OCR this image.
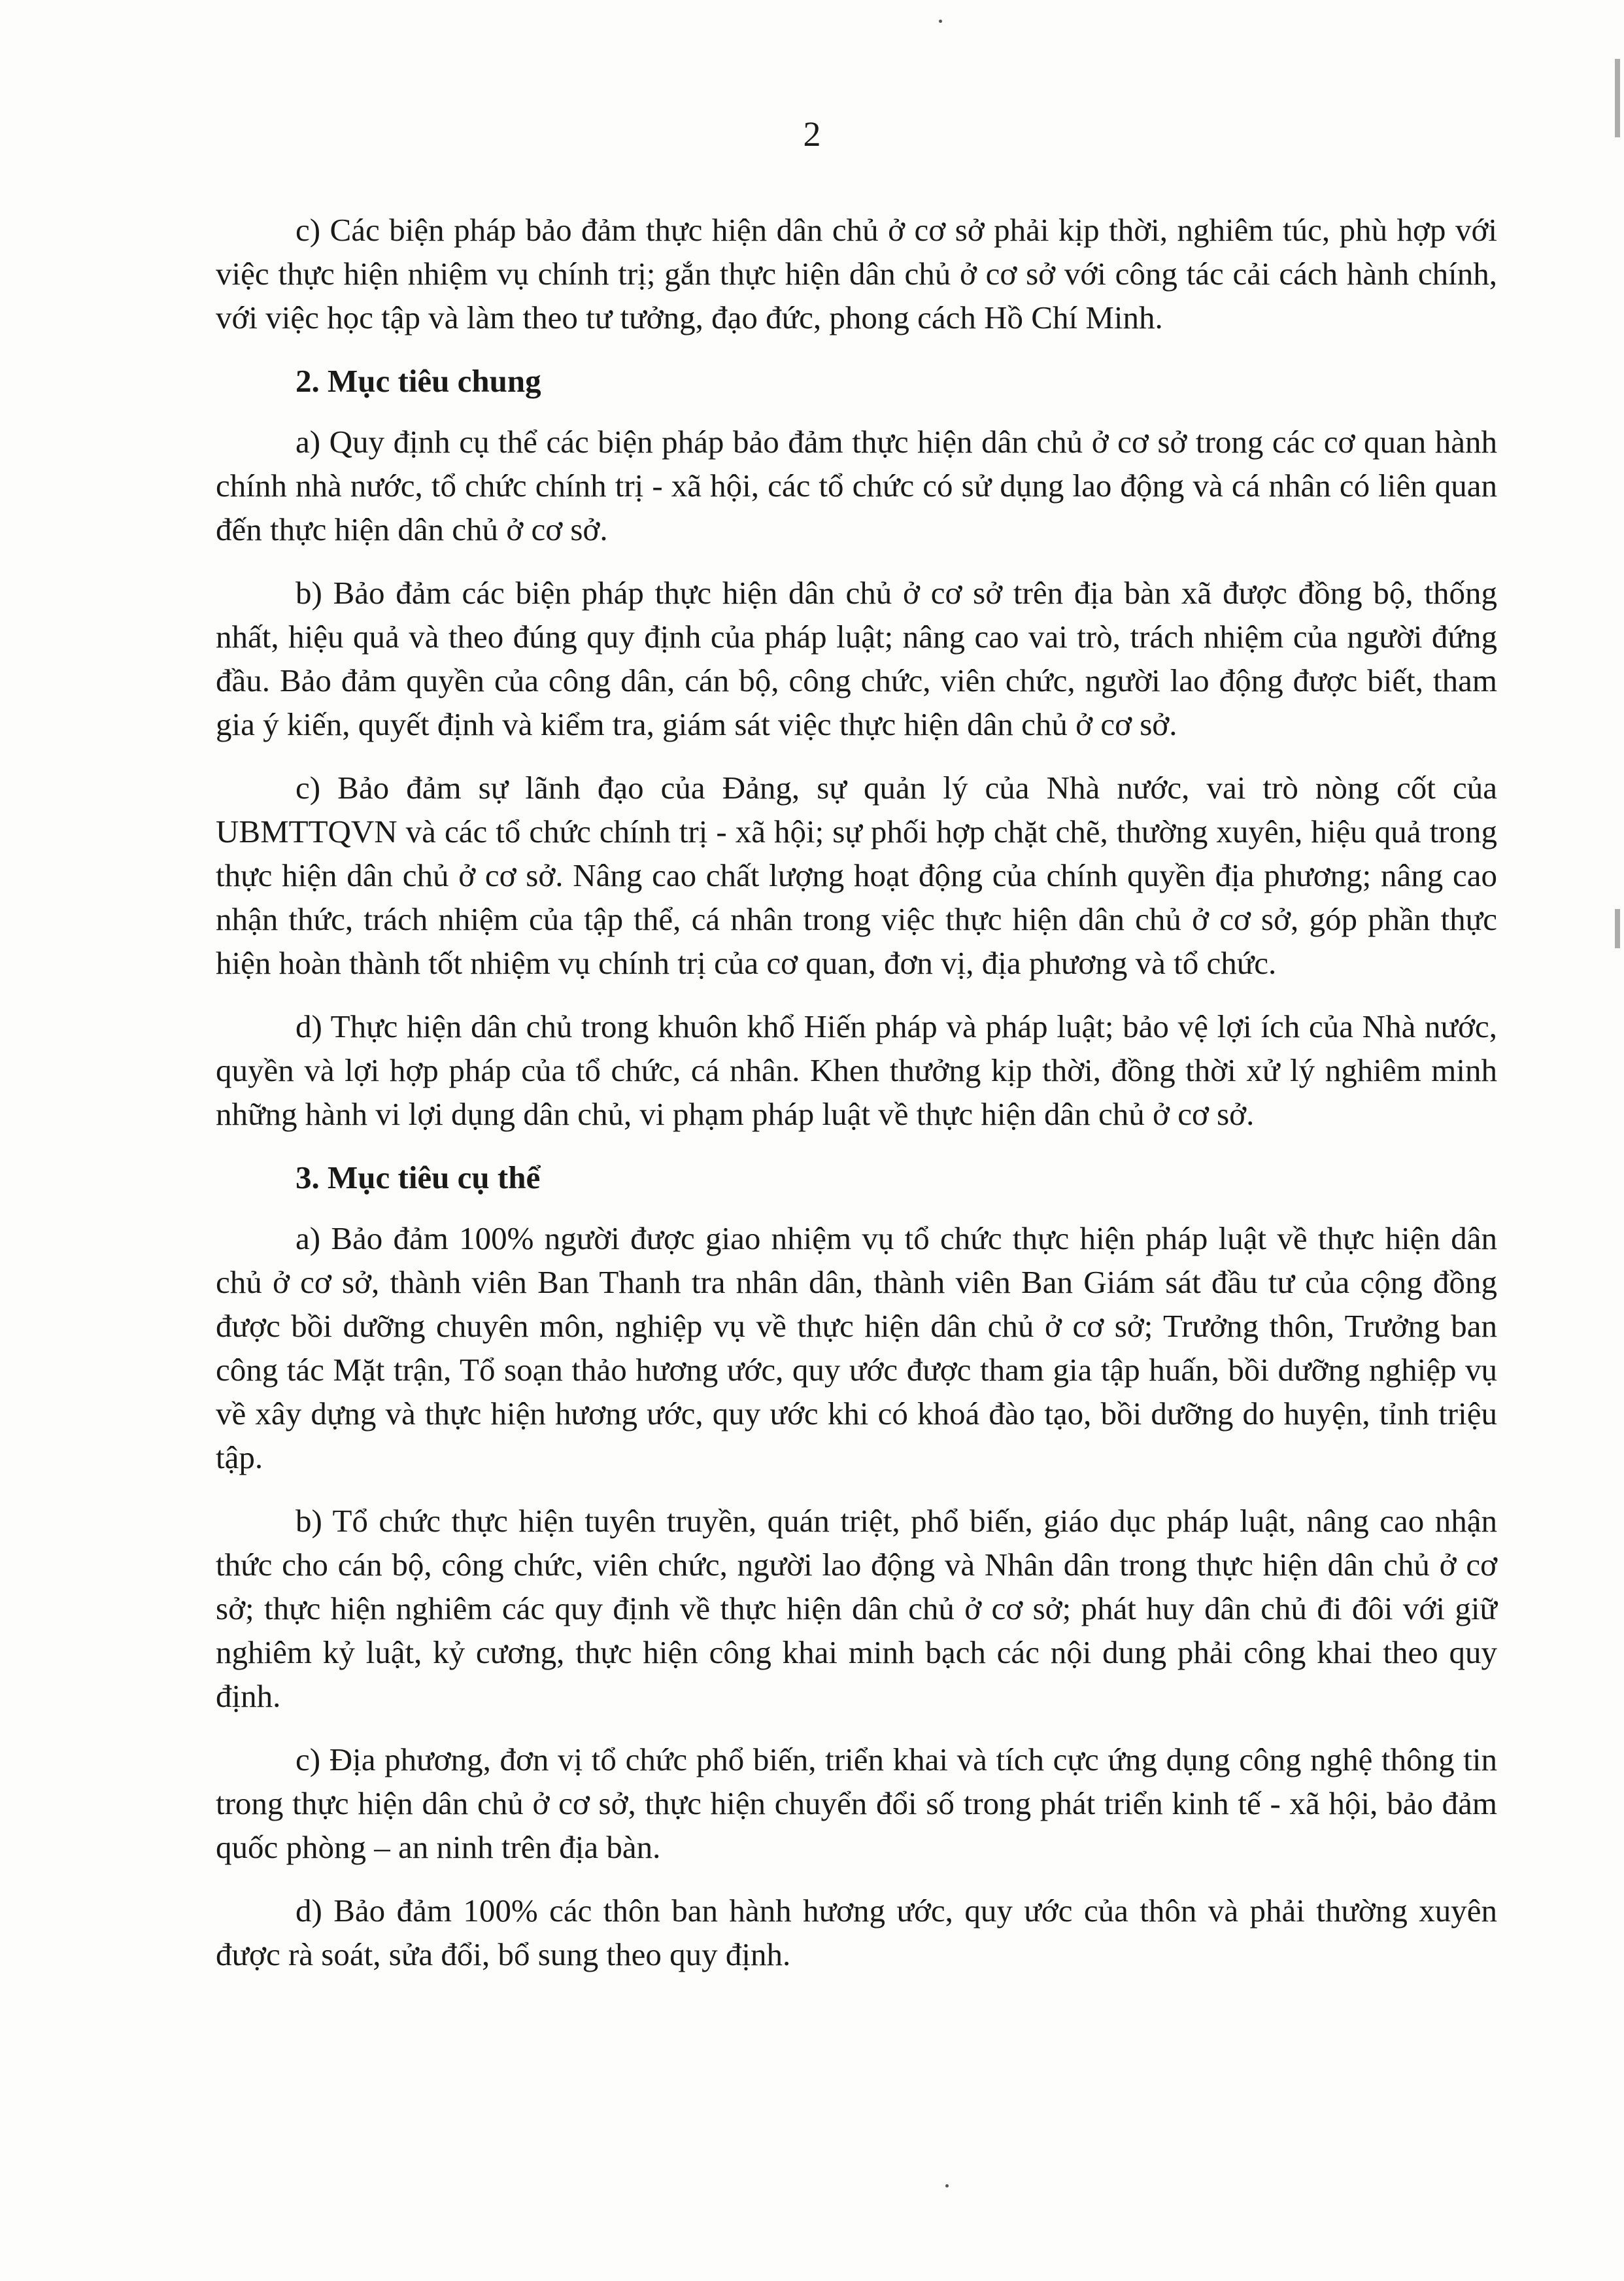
2

c) Các biện pháp bảo đảm thực hiện dân chủ ở cơ sở phải kịp thời, nghiêm túc, phù hợp với việc thực hiện nhiệm vụ chính trị; gắn thực hiện dân chủ ở cơ sở với công tác cải cách hành chính, với việc học tập và làm theo tư tưởng, đạo đức, phong cách Hồ Chí Minh.

2. Mục tiêu chung

a) Quy định cụ thể các biện pháp bảo đảm thực hiện dân chủ ở cơ sở trong các cơ quan hành chính nhà nước, tổ chức chính trị - xã hội, các tổ chức có sử dụng lao động và cá nhân có liên quan đến thực hiện dân chủ ở cơ sở.

b) Bảo đảm các biện pháp thực hiện dân chủ ở cơ sở trên địa bàn xã được đồng bộ, thống nhất, hiệu quả và theo đúng quy định của pháp luật; nâng cao vai trò, trách nhiệm của người đứng đầu. Bảo đảm quyền của công dân, cán bộ, công chức, viên chức, người lao động được biết, tham gia ý kiến, quyết định và kiểm tra, giám sát việc thực hiện dân chủ ở cơ sở.

c) Bảo đảm sự lãnh đạo của Đảng, sự quản lý của Nhà nước, vai trò nòng cốt của UBMTTQVN và các tổ chức chính trị - xã hội; sự phối hợp chặt chẽ, thường xuyên, hiệu quả trong thực hiện dân chủ ở cơ sở. Nâng cao chất lượng hoạt động của chính quyền địa phương; nâng cao nhận thức, trách nhiệm của tập thể, cá nhân trong việc thực hiện dân chủ ở cơ sở, góp phần thực hiện hoàn thành tốt nhiệm vụ chính trị của cơ quan, đơn vị, địa phương và tổ chức.

d) Thực hiện dân chủ trong khuôn khổ Hiến pháp và pháp luật; bảo vệ lợi ích của Nhà nước, quyền và lợi hợp pháp của tổ chức, cá nhân. Khen thưởng kịp thời, đồng thời xử lý nghiêm minh những hành vi lợi dụng dân chủ, vi phạm pháp luật về thực hiện dân chủ ở cơ sở.

3. Mục tiêu cụ thể

a) Bảo đảm 100% người được giao nhiệm vụ tổ chức thực hiện pháp luật về thực hiện dân chủ ở cơ sở, thành viên Ban Thanh tra nhân dân, thành viên Ban Giám sát đầu tư của cộng đồng được bồi dưỡng chuyên môn, nghiệp vụ về thực hiện dân chủ ở cơ sở; Trưởng thôn, Trưởng ban công tác Mặt trận, Tổ soạn thảo hương ước, quy ước được tham gia tập huấn, bồi dưỡng nghiệp vụ về xây dựng và thực hiện hương ước, quy ước khi có khoá đào tạo, bồi dưỡng do huyện, tỉnh triệu tập.

b) Tổ chức thực hiện tuyên truyền, quán triệt, phổ biến, giáo dục pháp luật, nâng cao nhận thức cho cán bộ, công chức, viên chức, người lao động và Nhân dân trong thực hiện dân chủ ở cơ sở; thực hiện nghiêm các quy định về thực hiện dân chủ ở cơ sở; phát huy dân chủ đi đôi với giữ nghiêm kỷ luật, kỷ cương, thực hiện công khai minh bạch các nội dung phải công khai theo quy định.

c) Địa phương, đơn vị tổ chức phổ biến, triển khai và tích cực ứng dụng công nghệ thông tin trong thực hiện dân chủ ở cơ sở, thực hiện chuyển đổi số trong phát triển kinh tế - xã hội, bảo đảm quốc phòng – an ninh trên địa bàn.

d) Bảo đảm 100% các thôn ban hành hương ước, quy ước của thôn và phải thường xuyên được rà soát, sửa đổi, bổ sung theo quy định.
